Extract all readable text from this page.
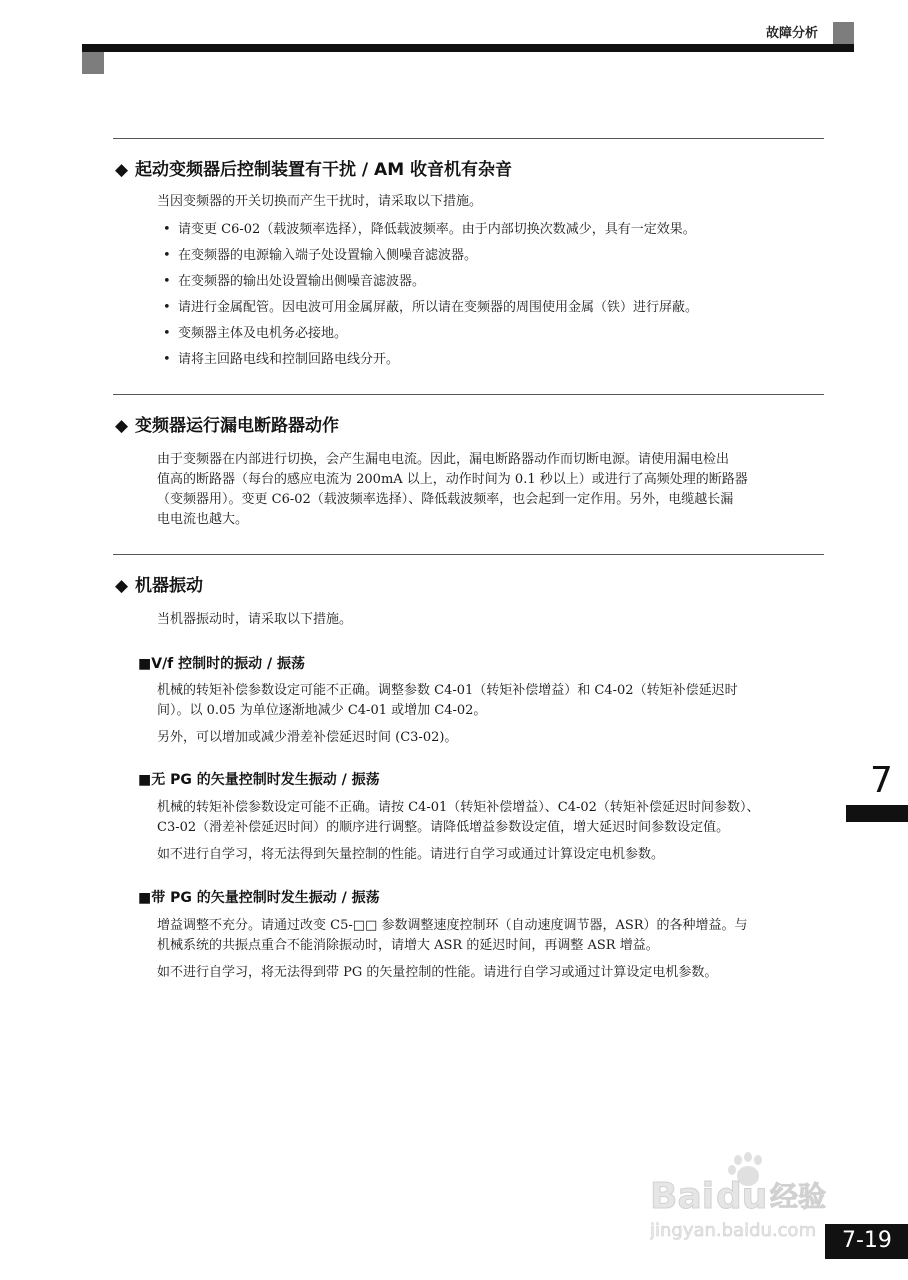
故障分析
◆ 起动变频器后控制装置有干扰 / AM 收音机有杂音
当因变频器的开关切换而产生干扰时，请采取以下措施。
• 请变更 C6-02（载波频率选择），降低载波频率。由于内部切换次数减少，具有一定效果。
• 在变频器的电源输入端子处设置输入侧噪音滤波器。
• 在变频器的输出处设置输出侧噪音滤波器。
• 请进行金属配管。因电波可用金属屏蔽，所以请在变频器的周围使用金属（铁）进行屏蔽。
• 变频器主体及电机务必接地。
• 请将主回路电线和控制回路电线分开。
◆ 变频器运行漏电断路器动作
由于变频器在内部进行切换，会产生漏电电流。因此，漏电断路器动作而切断电源。请使用漏电检出
值高的断路器（每台的感应电流为 200mA 以上，动作时间为 0.1 秒以上）或进行了高频处理的断路器
（变频器用）。变更 C6-02（载波频率选择）、降低载波频率，也会起到一定作用。另外，电缆越长漏
电电流也越大。
◆ 机器振动
当机器振动时，请采取以下措施。
■V/f 控制时的振动 / 振荡
机械的转矩补偿参数设定可能不正确。调整参数 C4-01（转矩补偿增益）和 C4-02（转矩补偿延迟时
间）。以 0.05 为单位逐渐地减少 C4-01 或增加 C4-02。
另外，可以增加或减少滑差补偿延迟时间 (C3-02)。
■无 PG 的矢量控制时发生振动 / 振荡
机械的转矩补偿参数设定可能不正确。请按 C4-01（转矩补偿增益）、C4-02（转矩补偿延迟时间参数）、
C3-02（滑差补偿延迟时间）的顺序进行调整。请降低增益参数设定值，增大延迟时间参数设定值。
如不进行自学习，将无法得到矢量控制的性能。请进行自学习或通过计算设定电机参数。
■带 PG 的矢量控制时发生振动 / 振荡
增益调整不充分。请通过改变 C5-□□ 参数调整速度控制环（自动速度调节器，ASR）的各种增益。与
机械系统的共振点重合不能消除振动时，请增大 ASR 的延迟时间，再调整 ASR 增益。
如不进行自学习，将无法得到带 PG 的矢量控制的性能。请进行自学习或通过计算设定电机参数。
7
Bai du 经验
jingyan.baidu.com 7-19
